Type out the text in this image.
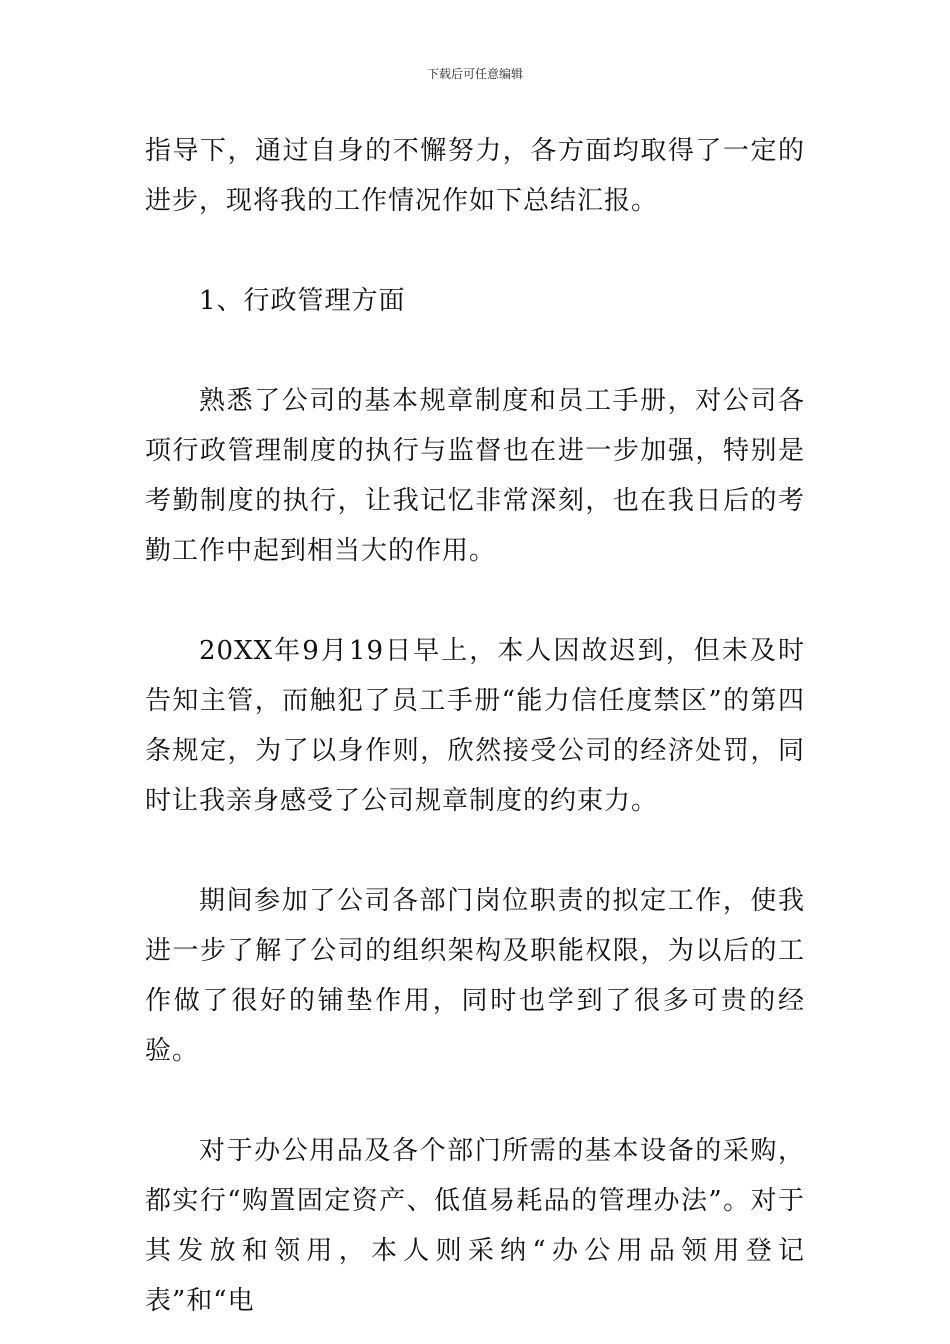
下载后可任意编辑

指导下，通过自身的不懈努力，各方面均取得了一定的进步，现将我的工作情况作如下总结汇报。

1、行政管理方面

熟悉了公司的基本规章制度和员工手册，对公司各项行政管理制度的执行与监督也在进一步加强，特别是考勤制度的执行，让我记忆非常深刻，也在我日后的考勤工作中起到相当大的作用。

20XX年9月19日早上，本人因故迟到，但未及时告知主管，而触犯了员工手册“能力信任度禁区”的第四条规定，为了以身作则，欣然接受公司的经济处罚，同时让我亲身感受了公司规章制度的约束力。

期间参加了公司各部门岗位职责的拟定工作，使我进一步了解了公司的组织架构及职能权限，为以后的工作做了很好的铺垫作用，同时也学到了很多可贵的经验。

对于办公用品及各个部门所需的基本设备的采购，都实行“购置固定资产、低值易耗品的管理办法”。对于其发放和领用，本人则采纳“办公用品领用登记表”和“电
